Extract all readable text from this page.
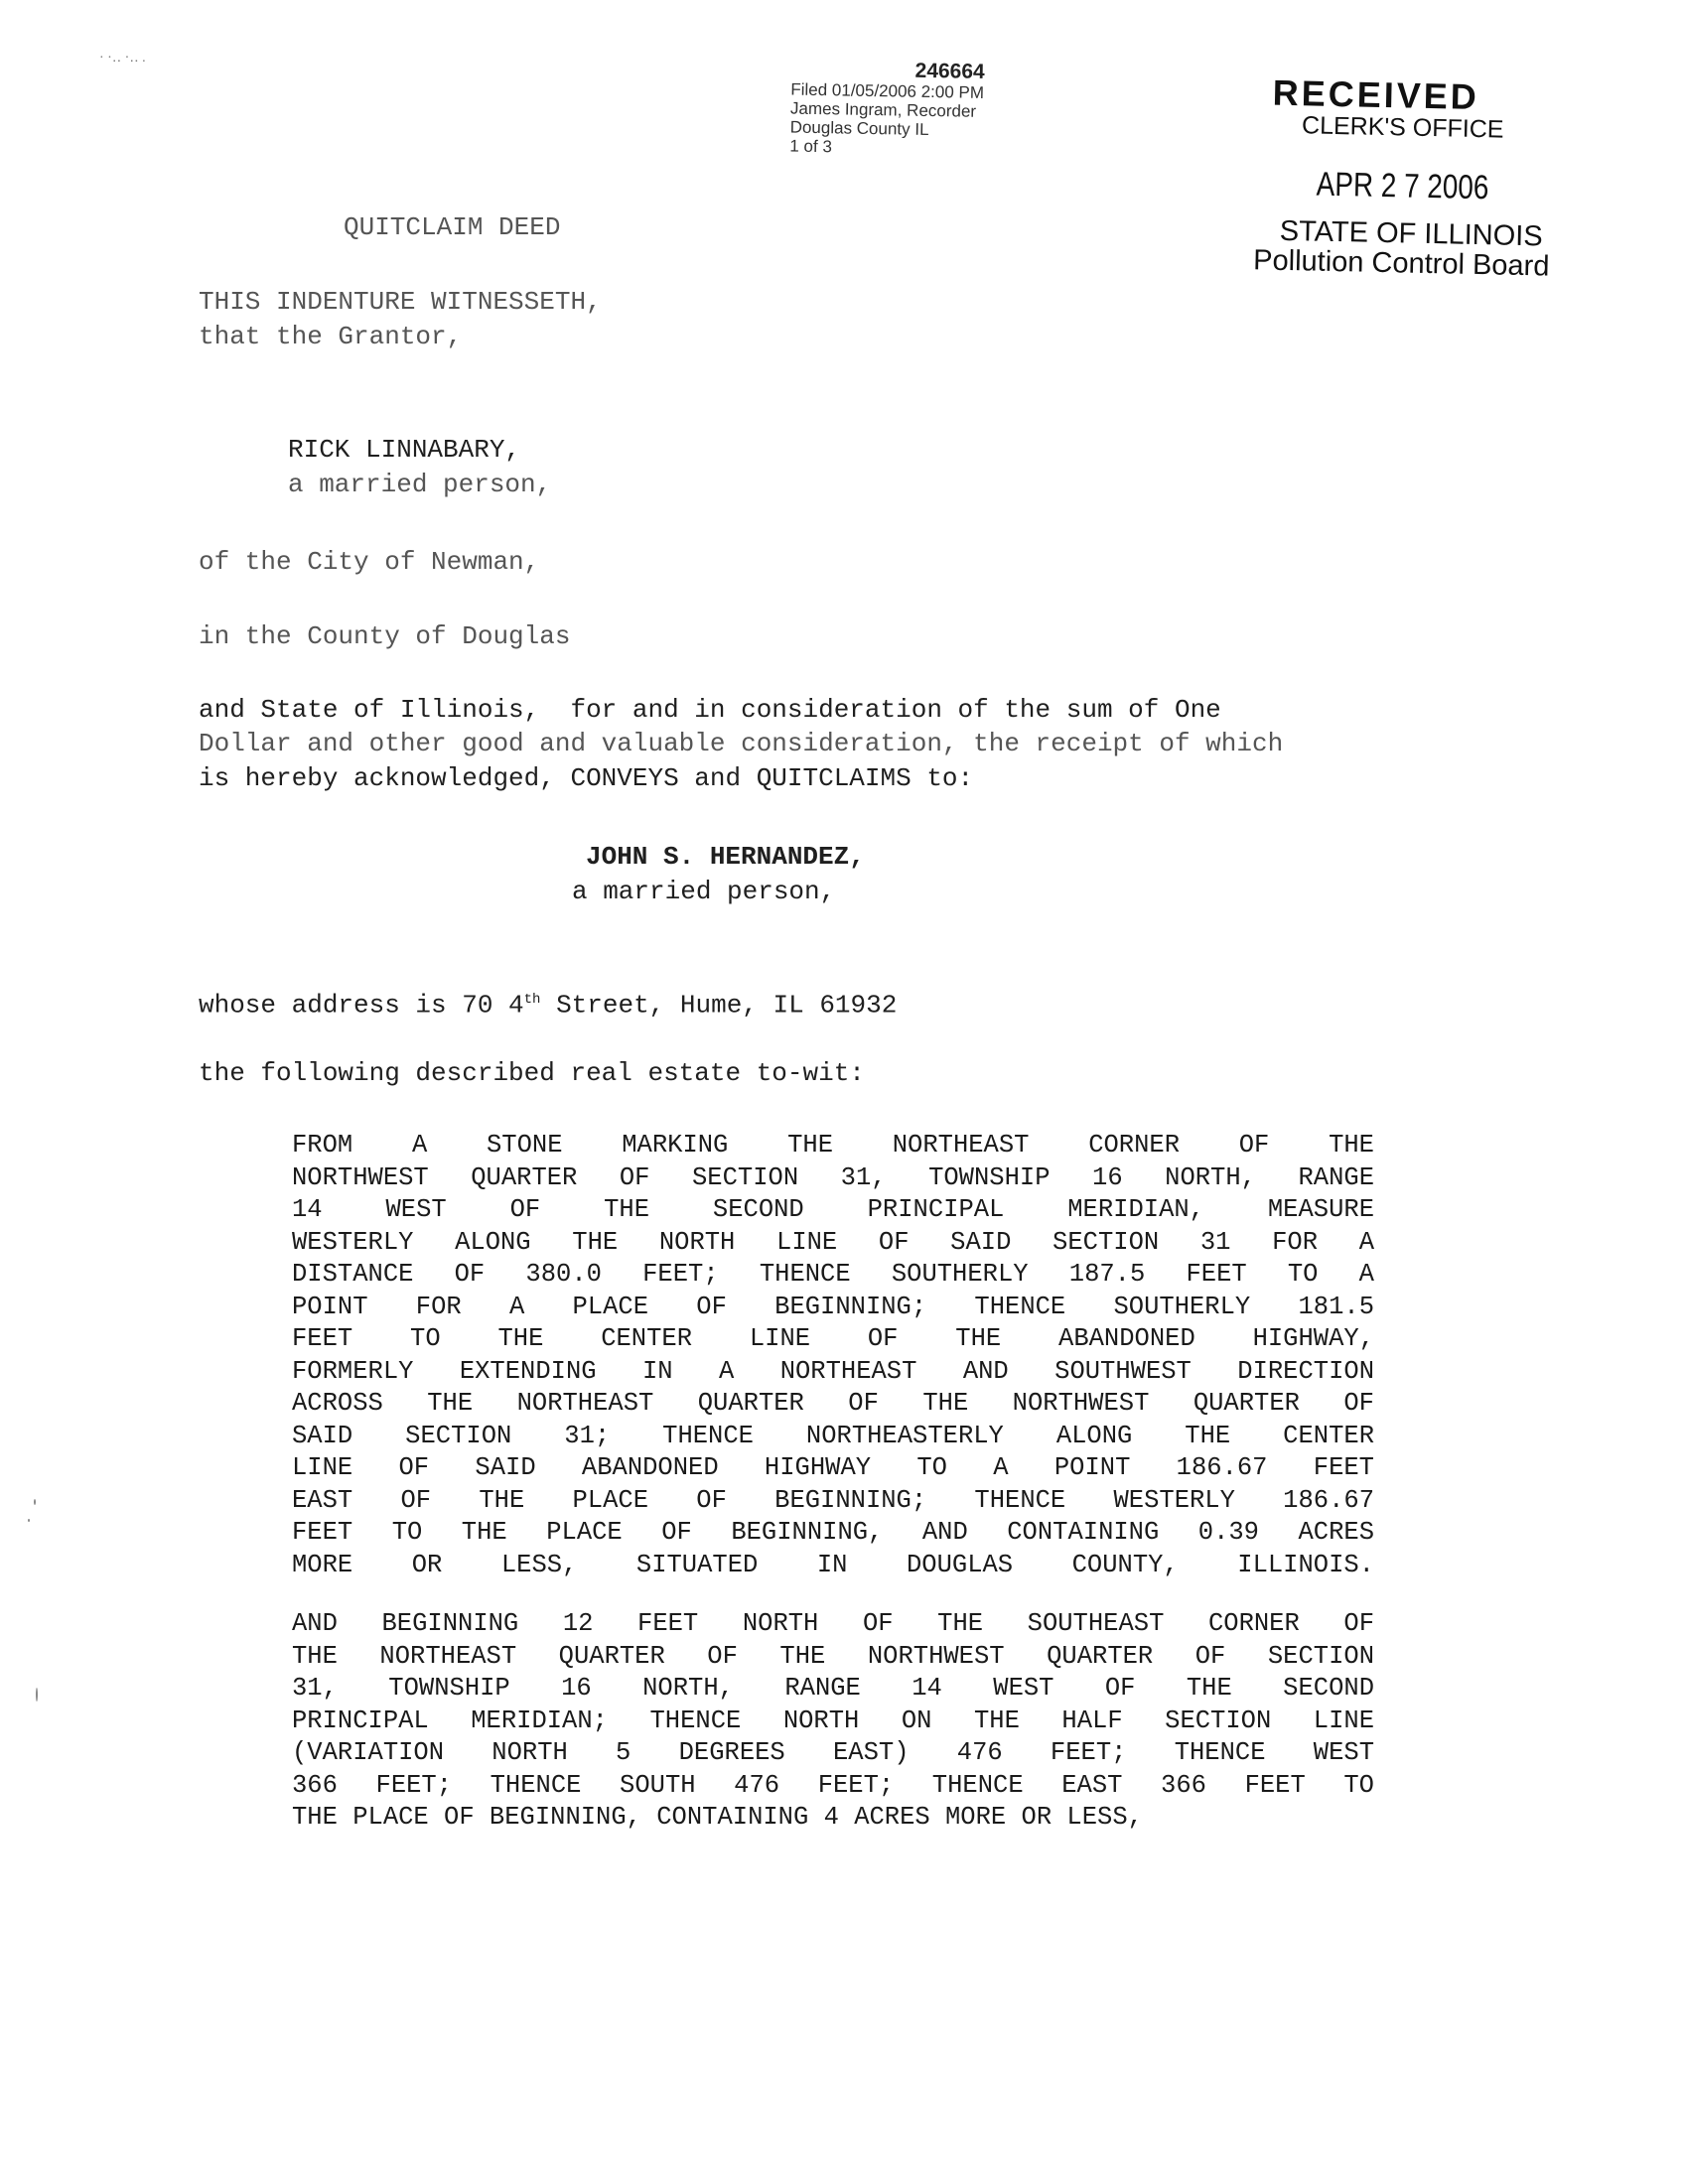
· ·‥ ·‥ .
246664
Filed 01/05/2006 2:00 PM
James Ingram, Recorder
Douglas County IL
1 of 3
RECEIVED
CLERK'S OFFICE
APR 2 7 2006
STATE OF ILLINOIS
Pollution Control Board
QUITCLAIM DEED
THIS INDENTURE WITNESSETH,
that the Grantor,
RICK LINNABARY,
a married person,
of the City of Newman,
in the County of Douglas
and State of Illinois,  for and in consideration of the sum of One
Dollar and other good and valuable consideration, the receipt of which
is hereby acknowledged, CONVEYS and QUITCLAIMS to:
JOHN S. HERNANDEZ,
a married person,
whose address is 70 4th Street, Hume, IL 61932
the following described real estate to-wit:
FROM A STONE MARKING THE NORTHEAST CORNER OF THE
NORTHWEST QUARTER OF SECTION 31, TOWNSHIP 16 NORTH, RANGE
14 WEST OF THE SECOND PRINCIPAL MERIDIAN, MEASURE
WESTERLY ALONG THE NORTH LINE OF SAID SECTION 31 FOR A
DISTANCE OF 380.0 FEET; THENCE SOUTHERLY 187.5 FEET TO A
POINT FOR A PLACE OF BEGINNING; THENCE SOUTHERLY 181.5
FEET TO THE CENTER LINE OF THE ABANDONED HIGHWAY,
FORMERLY EXTENDING IN A NORTHEAST AND SOUTHWEST DIRECTION
ACROSS THE NORTHEAST QUARTER OF THE NORTHWEST QUARTER OF
SAID SECTION 31; THENCE NORTHEASTERLY ALONG THE CENTER
LINE OF SAID ABANDONED HIGHWAY TO A POINT 186.67 FEET
EAST OF THE PLACE OF BEGINNING; THENCE WESTERLY 186.67
FEET TO THE PLACE OF BEGINNING, AND CONTAINING 0.39 ACRES
MORE OR LESS, SITUATED IN DOUGLAS COUNTY, ILLINOIS.
AND BEGINNING 12 FEET NORTH OF THE SOUTHEAST CORNER OF
THE NORTHEAST QUARTER OF THE NORTHWEST QUARTER OF SECTION
31, TOWNSHIP 16 NORTH, RANGE 14 WEST OF THE SECOND
PRINCIPAL MERIDIAN; THENCE NORTH ON THE HALF SECTION LINE
(VARIATION NORTH 5 DEGREES EAST) 476 FEET; THENCE WEST
366 FEET; THENCE SOUTH 476 FEET; THENCE EAST 366 FEET TO
THE PLACE OF BEGINNING, CONTAINING 4 ACRES MORE OR LESS,
